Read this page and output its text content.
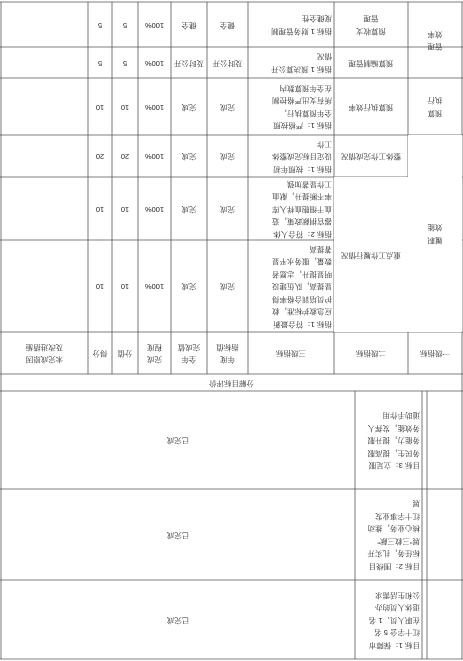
目标 1：保障市
红十字会 5 名
在职人员、1 名
退休人员的办
公和生活需求
已完成
目标 2：围绕目
标任务，扎实开
展“三救三献”
核心业务，推动
红十字事业发
展
已完成
目标 3：立足服
务民生，提高服
务能力，提升服
务效能，发挥人
道助手作用
已完成
分解目标评价
一级指标
二级指标
三级指标
年度
指标值
全年
完成值
完成
程度
分值
得分
未完成原因
及改进措施
履职
效能
重点工作履行情况
整体工作完成情况
指标 1：符合最新
应急救护标准，救
护员培训合格率得
显提高，队伍建设
明显提升，志愿者
数量，服务水平显
著提高
完成
完成
100%
10
10
指标 2：符合人体
器官捐献政策，造
血干细胞血样入库
率不断提升，献血
工作显著加强
完成
完成
100%
10
10
指标 1：按照年初
设定目标完成整体
工作
完成
完成
100%
20
20
预算
执行
预算执行效率
指标 1：严格按照
全年预算执行，
所有支出严格控制
在全年预算数内
完成
完成
100%
10
10
管理
效率
预算编制管理
预算收支
管理
指标 1 预决算公开
情况
及时公开
及时公开
100%
5
5
指标 1 财务管理制
度健全性
健全
健全
100%
5
5
